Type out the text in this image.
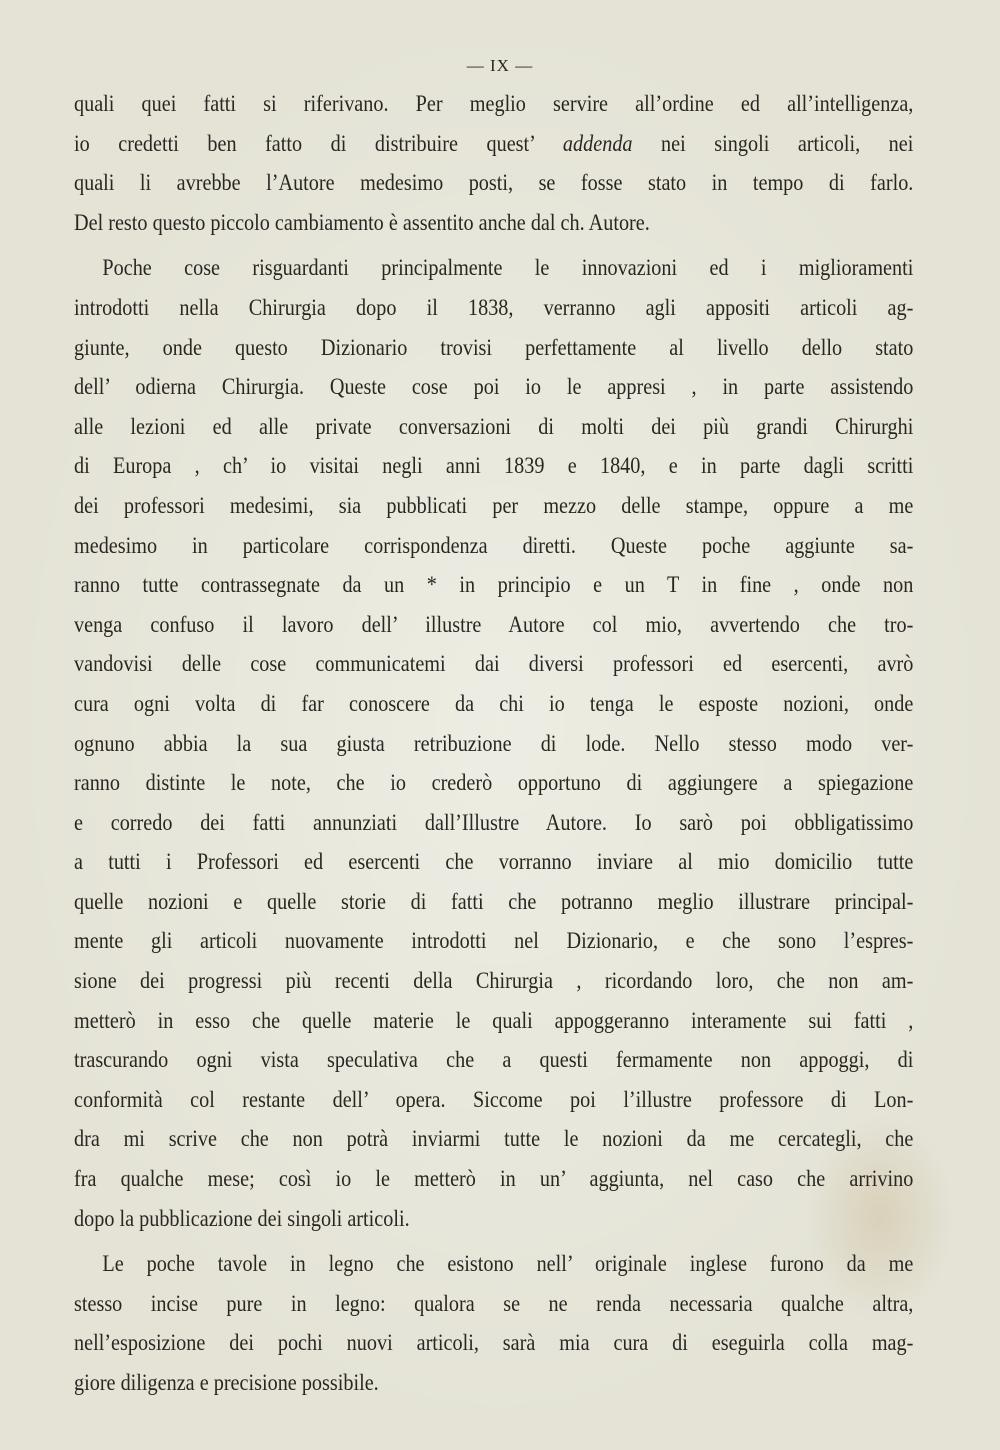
— IX —
quali quei fatti si riferivano. Per meglio servire all’ordine ed all’intelligenza,
io credetti ben fatto di distribuire quest’ addenda nei singoli articoli, nei
quali li avrebbe l’Autore medesimo posti, se fosse stato in tempo di farlo.
Del resto questo piccolo cambiamento è assentito anche dal ch. Autore.
Poche cose risguardanti principalmente le innovazioni ed i miglioramenti
introdotti nella Chirurgia dopo il 1838, verranno agli appositi articoli ag-
giunte, onde questo Dizionario trovisi perfettamente al livello dello stato
dell’ odierna Chirurgia. Queste cose poi io le appresi , in parte assistendo
alle lezioni ed alle private conversazioni di molti dei più grandi Chirurghi
di Europa , ch’ io visitai negli anni 1839 e 1840, e in parte dagli scritti
dei professori medesimi, sia pubblicati per mezzo delle stampe, oppure a me
medesimo in particolare corrispondenza diretti. Queste poche aggiunte sa-
ranno tutte contrassegnate da un * in principio e un T in fine , onde non
venga confuso il lavoro dell’ illustre Autore col mio, avvertendo che tro-
vandovisi delle cose communicatemi dai diversi professori ed esercenti, avrò
cura ogni volta di far conoscere da chi io tenga le esposte nozioni, onde
ognuno abbia la sua giusta retribuzione di lode. Nello stesso modo ver-
ranno distinte le note, che io crederò opportuno di aggiungere a spiegazione
e corredo dei fatti annunziati dall’Illustre Autore. Io sarò poi obbligatissimo
a tutti i Professori ed esercenti che vorranno inviare al mio domicilio tutte
quelle nozioni e quelle storie di fatti che potranno meglio illustrare principal-
mente gli articoli nuovamente introdotti nel Dizionario, e che sono l’espres-
sione dei progressi più recenti della Chirurgia , ricordando loro, che non am-
metterò in esso che quelle materie le quali appoggeranno interamente sui fatti ,
trascurando ogni vista speculativa che a questi fermamente non appoggi, di
conformità col restante dell’ opera. Siccome poi l’illustre professore di Lon-
dra mi scrive che non potrà inviarmi tutte le nozioni da me cercategli, che
fra qualche mese; così io le metterò in un’ aggiunta, nel caso che arrivino
dopo la pubblicazione dei singoli articoli.
Le poche tavole in legno che esistono nell’ originale inglese furono da me
stesso incise pure in legno: qualora se ne renda necessaria qualche altra,
nell’esposizione dei pochi nuovi articoli, sarà mia cura di eseguirla colla mag-
giore diligenza e precisione possibile.
